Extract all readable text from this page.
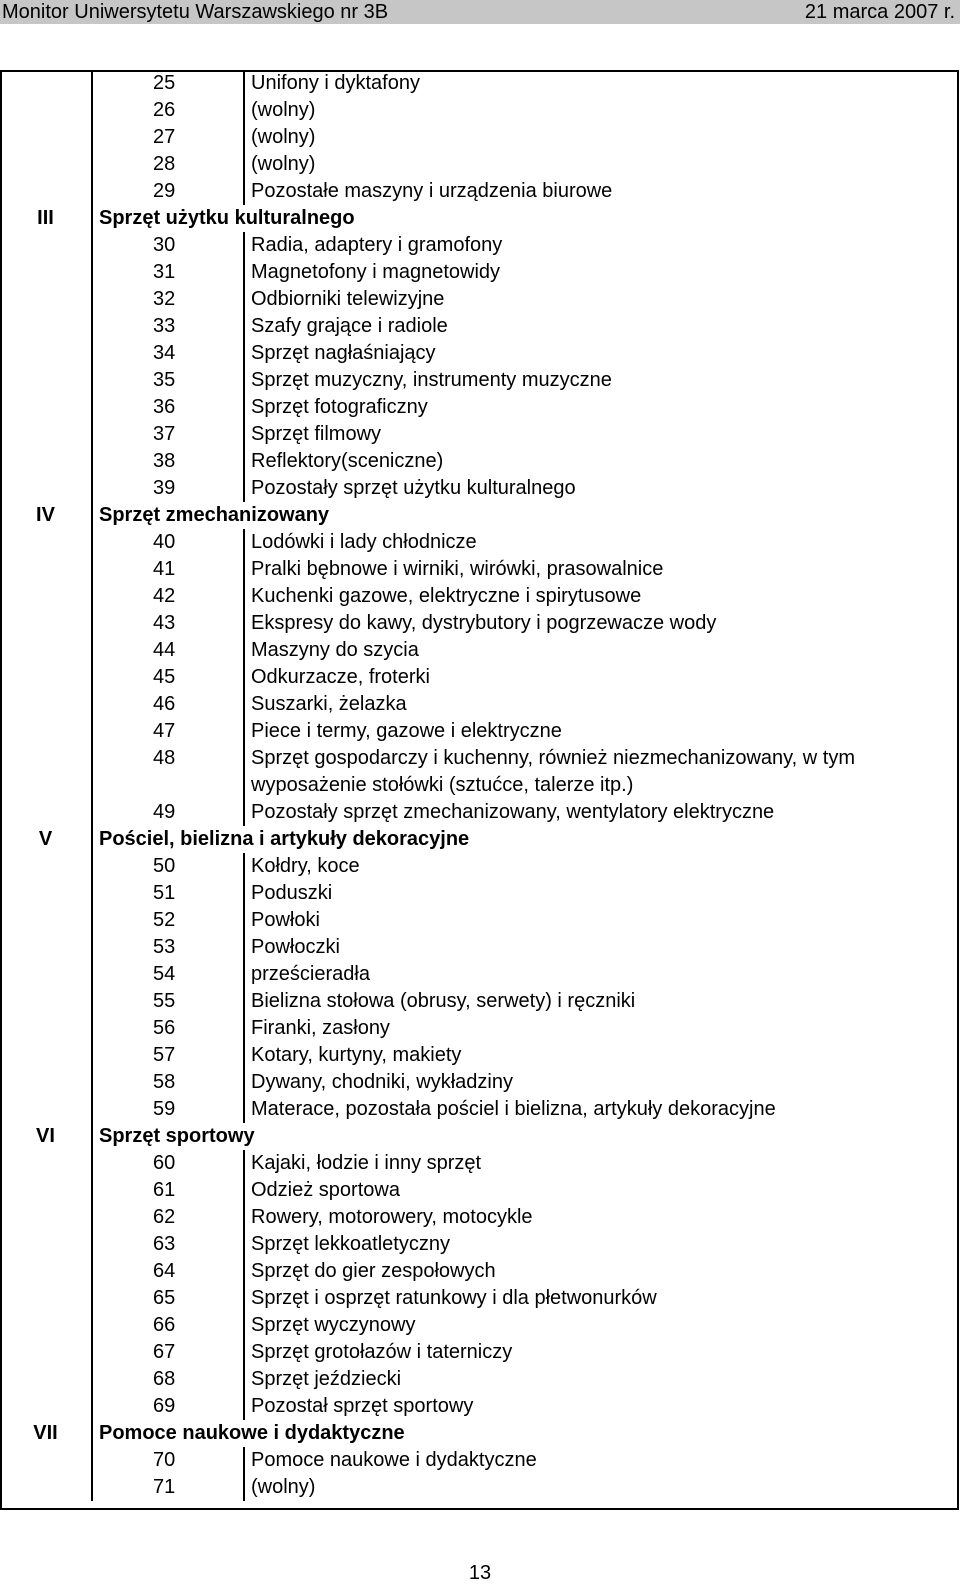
Monitor Uniwersytetu Warszawskiego nr 3B	21 marca 2007 r.
	25	Unifony i dyktafony
	26	(wolny)
	27	(wolny)
	28	(wolny)
	29	Pozostałe maszyny i urządzenia biurowe
III	Sprzęt użytku kulturalnego	
	30	Radia, adaptery i gramofony
	31	Magnetofony i magnetowidy
	32	Odbiorniki telewizyjne
	33	Szafy grające i radiole
	34	Sprzęt nagłaśniający
	35	Sprzęt muzyczny, instrumenty muzyczne
	36	Sprzęt fotograficzny
	37	Sprzęt filmowy
	38	Reflektory(sceniczne)
	39	Pozostały sprzęt użytku kulturalnego
IV	Sprzęt zmechanizowany	
	40	Lodówki i lady chłodnicze
	41	Pralki bębnowe i wirniki, wirówki, prasowalnice
	42	Kuchenki gazowe, elektryczne i spirytusowe
	43	Ekspresy do kawy, dystrybutory i pogrzewacze wody
	44	Maszyny do szycia
	45	Odkurzacze, froterki
	46	Suszarki, żelazka
	47	Piece i termy, gazowe i elektryczne
	48	Sprzęt gospodarczy i kuchenny, również niezmechanizowany, w tym wyposażenie stołówki (sztućce, talerze itp.)
	49	Pozostały sprzęt zmechanizowany, wentylatory elektryczne
V	Pościel, bielizna i artykuły dekoracyjne	
	50	Kołdry, koce
	51	Poduszki
	52	Powłoki
	53	Powłoczki
	54	prześcieradła
	55	Bielizna stołowa (obrusy, serwety) i ręczniki
	56	Firanki, zasłony
	57	Kotary, kurtyny, makiety
	58	Dywany, chodniki, wykładziny
	59	Materace, pozostała pościel i bielizna, artykuły dekoracyjne
VI	Sprzęt sportowy	
	60	Kajaki, łodzie i inny sprzęt
	61	Odzież sportowa
	62	Rowery, motorowery, motocykle
	63	Sprzęt lekkoatletyczny
	64	Sprzęt do gier zespołowych
	65	Sprzęt i osprzęt ratunkowy i dla płetwonurków
	66	Sprzęt wyczynowy
	67	Sprzęt grotołazów i taterniczy
	68	Sprzęt jeździecki
	69	Pozostał sprzęt sportowy
VII	Pomoce naukowe i dydaktyczne	
	70	Pomoce naukowe i dydaktyczne
	71	(wolny)
13
